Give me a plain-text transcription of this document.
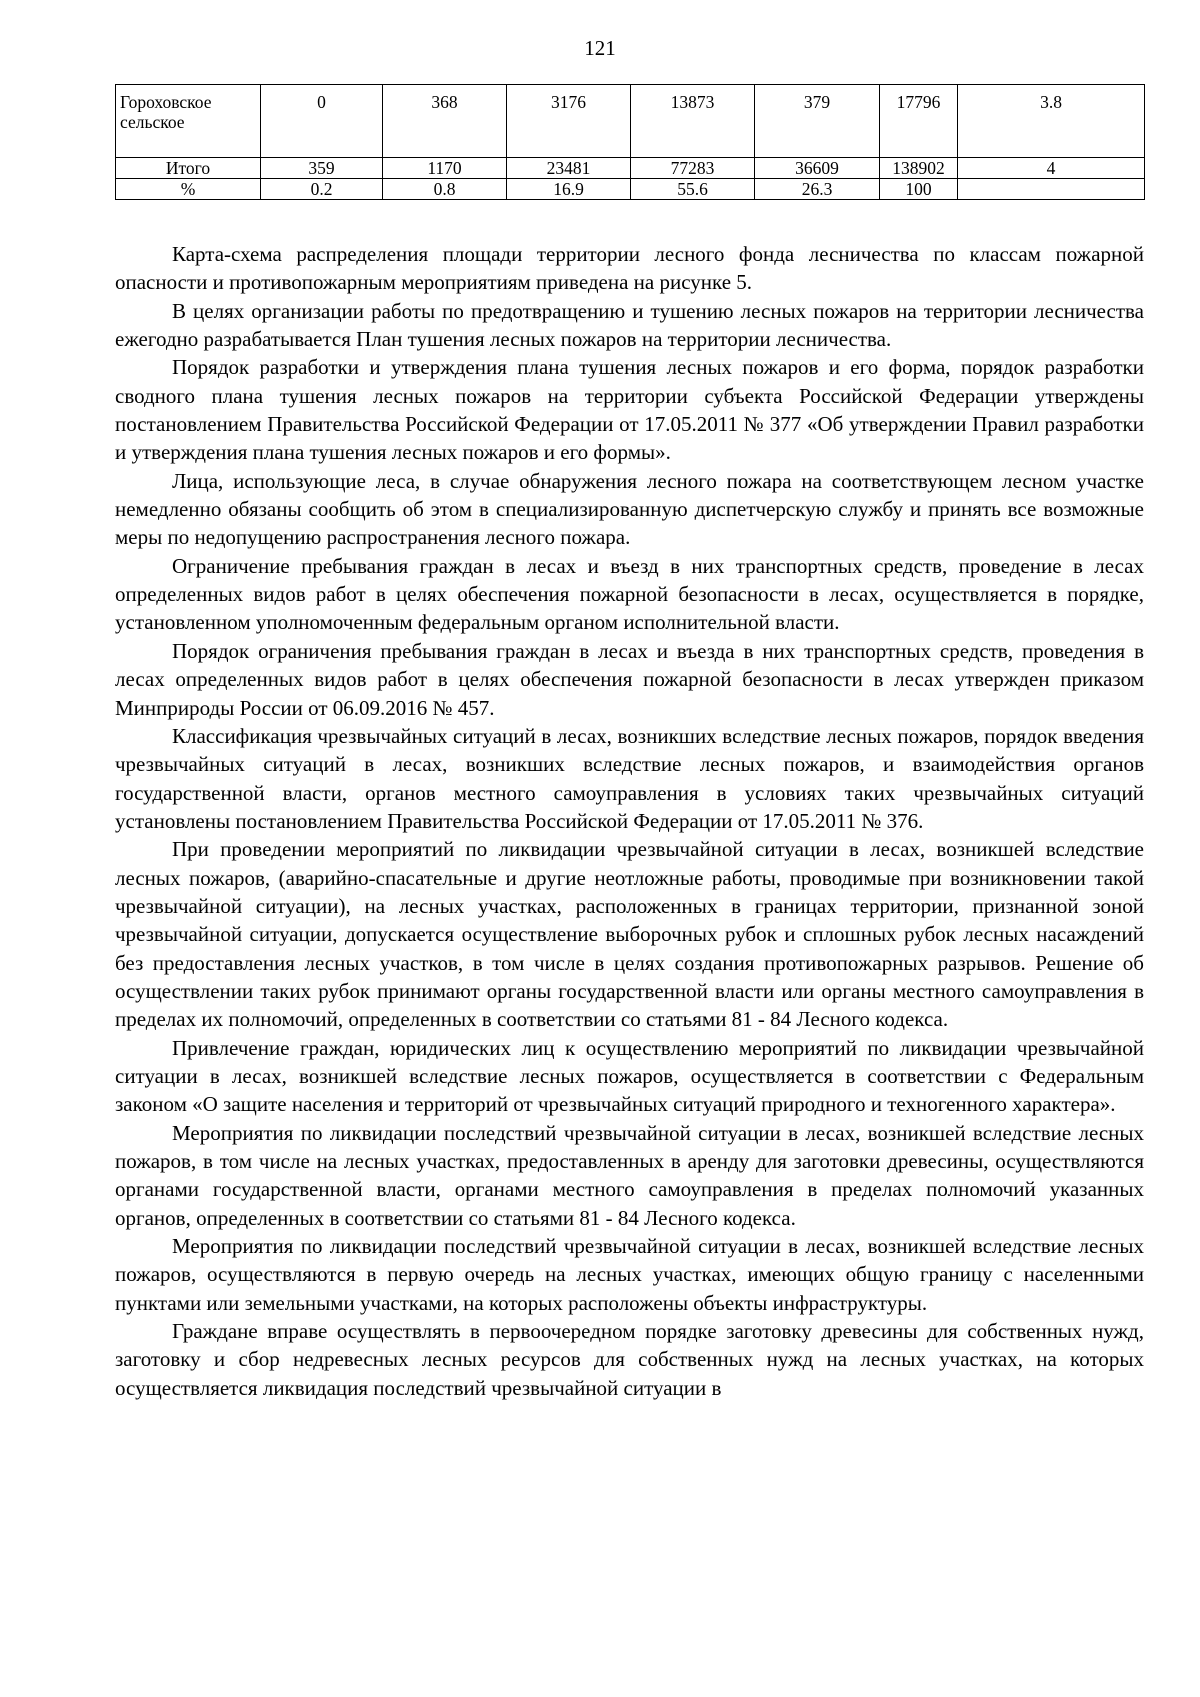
121
Гороховское сельское	0	368	3176	13873	379	17796	3.8
Итого	359	1170	23481	77283	36609	138902	4
%	0.2	0.8	16.9	55.6	26.3	100	

Карта-схема распределения площади территории лесного фонда лесничества по классам пожарной опасности и противопожарным мероприятиям приведена на рисунке 5.

В целях организации работы по предотвращению и тушению лесных пожаров на территории лесничества ежегодно разрабатывается План тушения лесных пожаров на территории лесничества.

Порядок разработки и утверждения плана тушения лесных пожаров и его форма, порядок разработки сводного плана тушения лесных пожаров на территории субъекта Российской Федерации утверждены постановлением Правительства Российской Федерации от 17.05.2011 № 377 «Об утверждении Правил разработки и утверждения плана тушения лесных пожаров и его формы».

Лица, использующие леса, в случае обнаружения лесного пожара на соответствующем лесном участке немедленно обязаны сообщить об этом в специализированную диспетчерскую службу и принять все возможные меры по недопущению распространения лесного пожара.

Ограничение пребывания граждан в лесах и въезд в них транспортных средств, проведение в лесах определенных видов работ в целях обеспечения пожарной безопасности в лесах, осуществляется в порядке, установленном уполномоченным федеральным органом исполнительной власти.

Порядок ограничения пребывания граждан в лесах и въезда в них транспортных средств, проведения в лесах определенных видов работ в целях обеспечения пожарной безопасности в лесах утвержден приказом Минприроды России от 06.09.2016 № 457.

Классификация чрезвычайных ситуаций в лесах, возникших вследствие лесных пожаров, порядок введения чрезвычайных ситуаций в лесах, возникших вследствие лесных пожаров, и взаимодействия органов государственной власти, органов местного самоуправления в условиях таких чрезвычайных ситуаций установлены постановлением Правительства Российской Федерации от 17.05.2011 № 376.

При проведении мероприятий по ликвидации чрезвычайной ситуации в лесах, возникшей вследствие лесных пожаров, (аварийно-спасательные и другие неотложные работы, проводимые при возникновении такой чрезвычайной ситуации), на лесных участках, расположенных в границах территории, признанной зоной чрезвычайной ситуации, допускается осуществление выборочных рубок и сплошных рубок лесных насаждений без предоставления лесных участков, в том числе в целях создания противопожарных разрывов. Решение об осуществлении таких рубок принимают органы государственной власти или органы местного самоуправления в пределах их полномочий, определенных в соответствии со статьями 81 - 84 Лесного кодекса.

Привлечение граждан, юридических лиц к осуществлению мероприятий по ликвидации чрезвычайной ситуации в лесах, возникшей вследствие лесных пожаров, осуществляется в соответствии с Федеральным законом «О защите населения и территорий от чрезвычайных ситуаций природного и техногенного характера».

Мероприятия по ликвидации последствий чрезвычайной ситуации в лесах, возникшей вследствие лесных пожаров, в том числе на лесных участках, предоставленных в аренду для заготовки древесины, осуществляются органами государственной власти, органами местного самоуправления в пределах полномочий указанных органов, определенных в соответствии со статьями 81 - 84 Лесного кодекса.

Мероприятия по ликвидации последствий чрезвычайной ситуации в лесах, возникшей вследствие лесных пожаров, осуществляются в первую очередь на лесных участках, имеющих общую границу с населенными пунктами или земельными участками, на которых расположены объекты инфраструктуры.

Граждане вправе осуществлять в первоочередном порядке заготовку древесины для собственных нужд, заготовку и сбор недревесных лесных ресурсов для собственных нужд на лесных участках, на которых осуществляется ликвидация последствий чрезвычайной ситуации в
